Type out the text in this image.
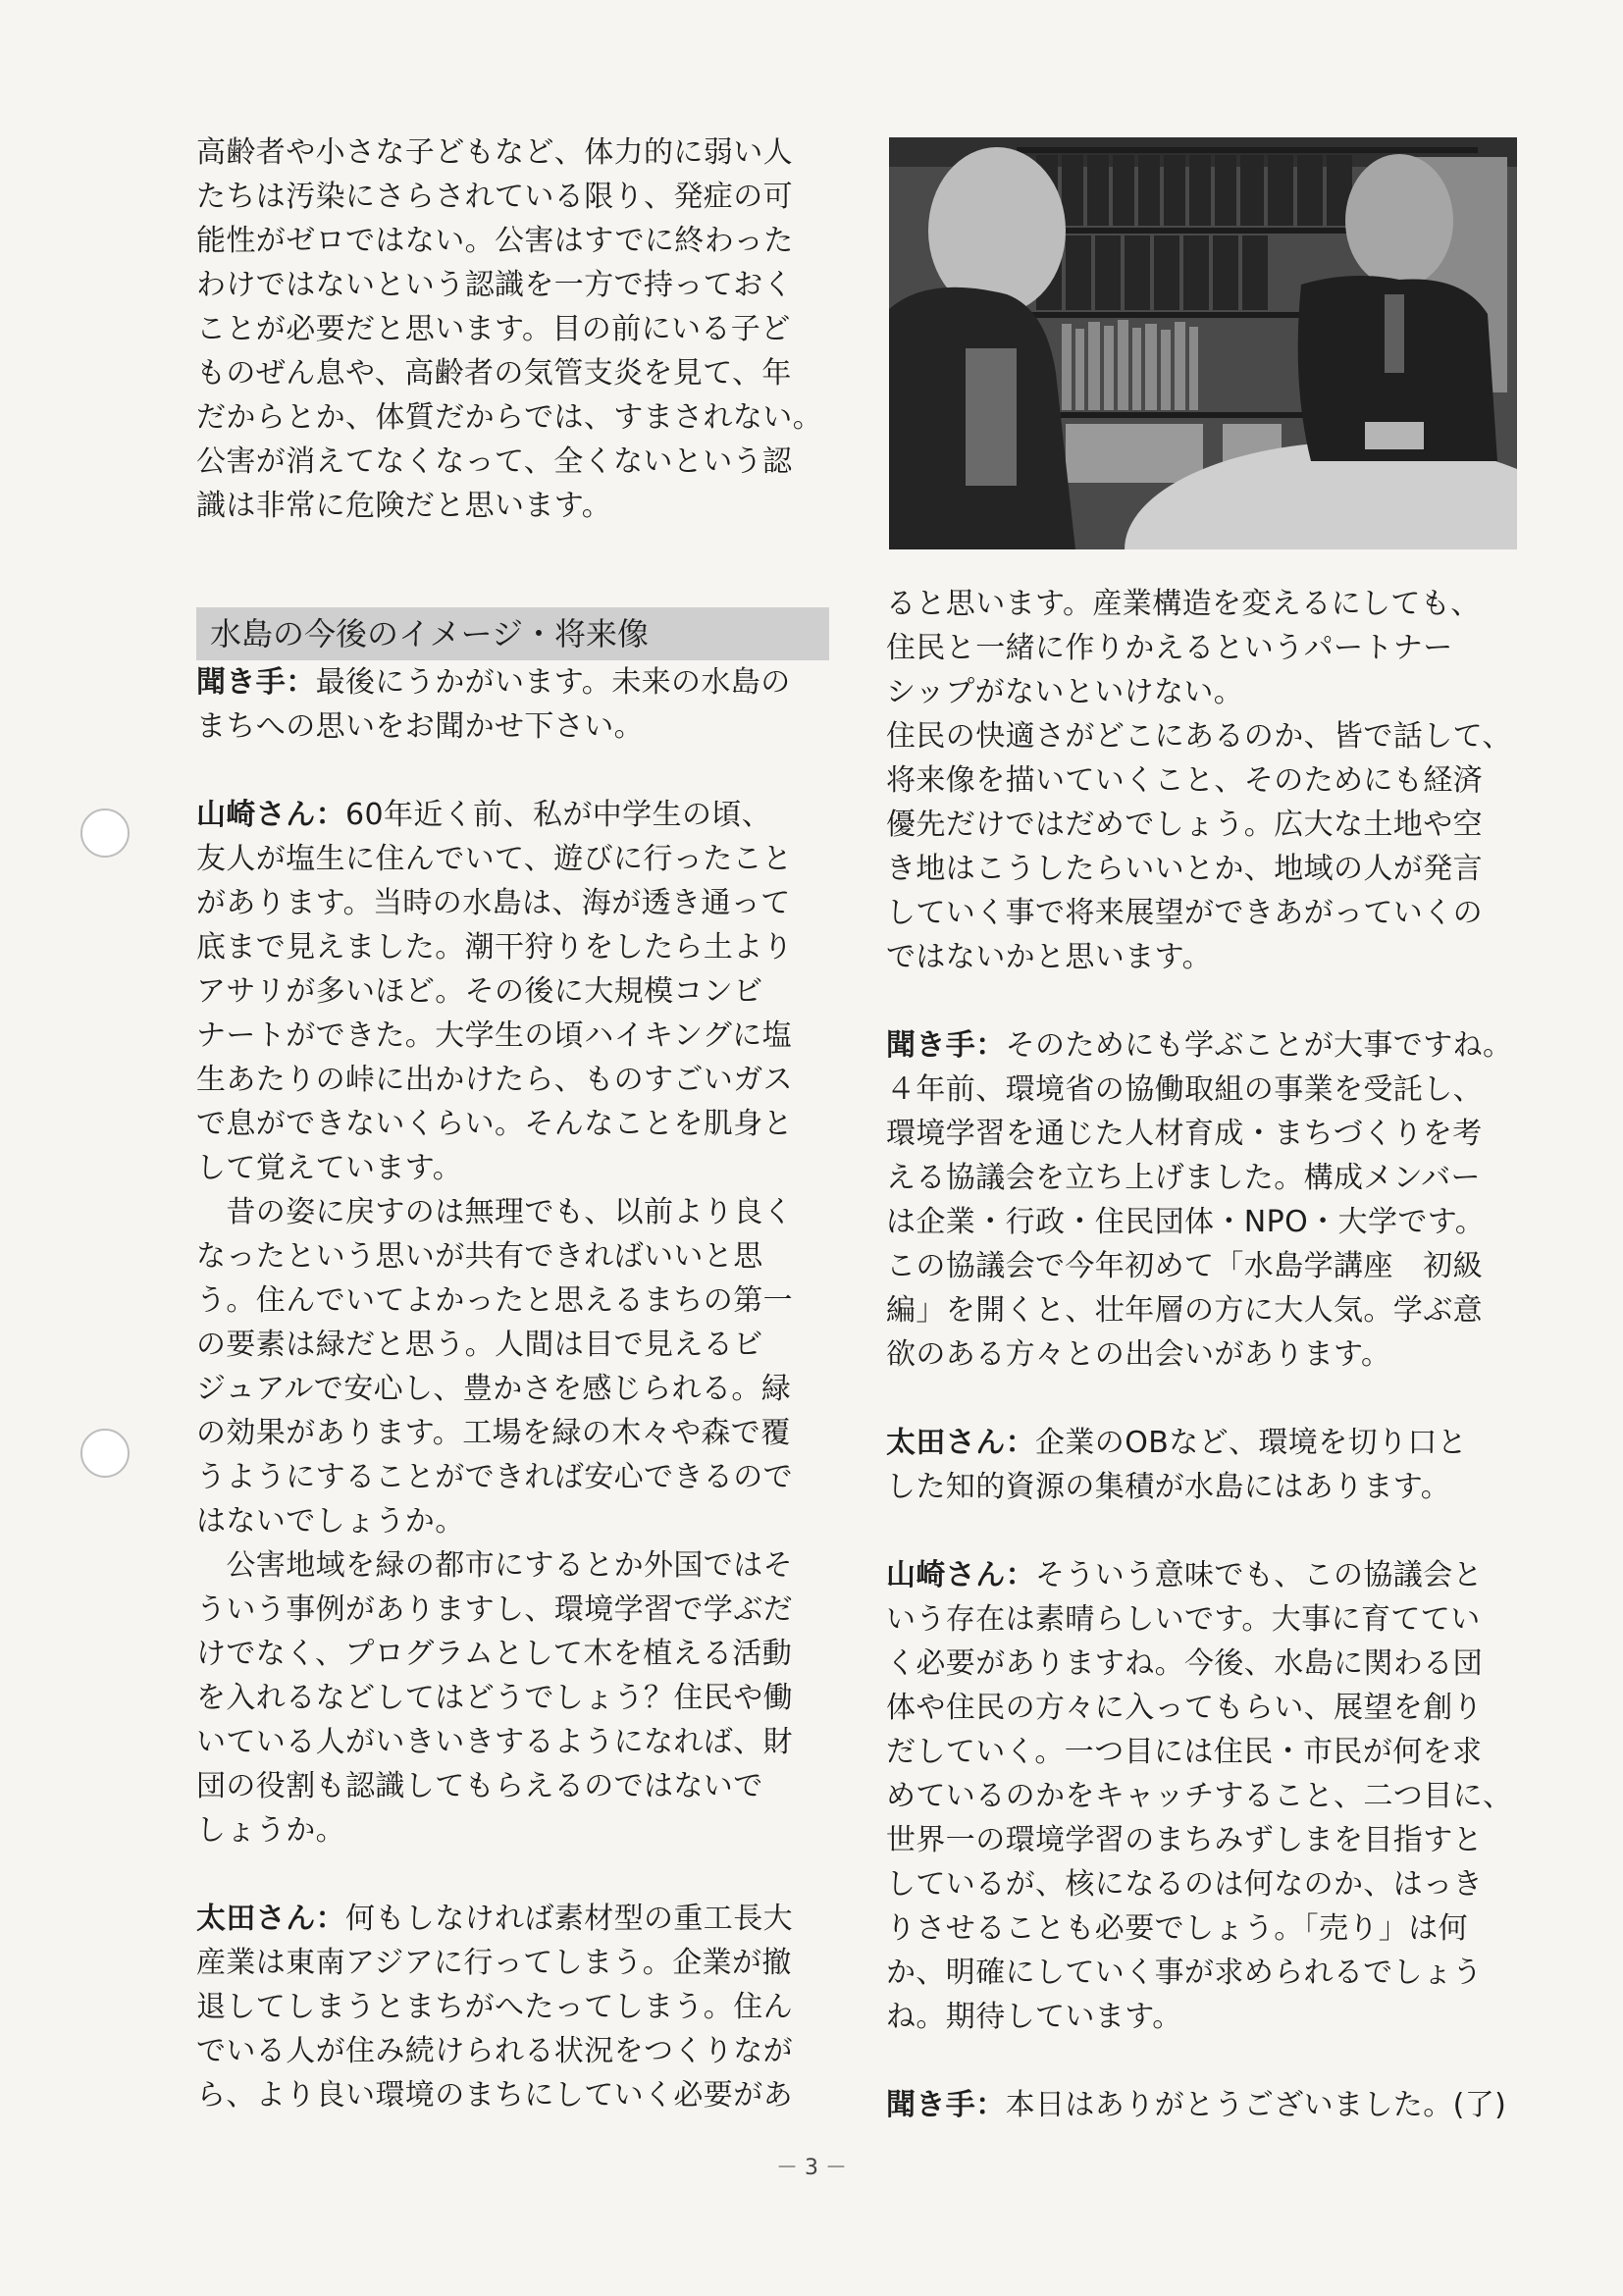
水島の今後のイメージ・将来像
高齢者や小さな子どもなど、体力的に弱い人
たちは汚染にさらされている限り、発症の可
能性がゼロではない。公害はすでに終わった
わけではないという認識を一方で持っておく
ことが必要だと思います。目の前にいる子ど
ものぜん息や、高齢者の気管支炎を見て、年
だからとか、体質だからでは、すまされない。
公害が消えてなくなって、全くないという認
識は非常に危険だと思います。
聞き手：最後にうかがいます。未来の水島の
まちへの思いをお聞かせ下さい。
山崎さん：60年近く前、私が中学生の頃、
友人が塩生に住んでいて、遊びに行ったこと
があります。当時の水島は、海が透き通って
底まで見えました。潮干狩りをしたら土より
アサリが多いほど。その後に大規模コンビ
ナートができた。大学生の頃ハイキングに塩
生あたりの峠に出かけたら、ものすごいガス
で息ができないくらい。そんなことを肌身と
して覚えています。
　昔の姿に戻すのは無理でも、以前より良く
なったという思いが共有できればいいと思
う。住んでいてよかったと思えるまちの第一
の要素は緑だと思う。人間は目で見えるビ
ジュアルで安心し、豊かさを感じられる。緑
の効果があります。工場を緑の木々や森で覆
うようにすることができれば安心できるので
はないでしょうか。
　公害地域を緑の都市にするとか外国ではそ
ういう事例がありますし、環境学習で学ぶだ
けでなく、プログラムとして木を植える活動
を入れるなどしてはどうでしょう？住民や働
いている人がいきいきするようになれば、財
団の役割も認識してもらえるのではないで
しょうか。
太田さん：何もしなければ素材型の重工長大
産業は東南アジアに行ってしまう。企業が撤
退してしまうとまちがへたってしまう。住ん
でいる人が住み続けられる状況をつくりなが
ら、より良い環境のまちにしていく必要があ
ると思います。産業構造を変えるにしても、
住民と一緒に作りかえるというパートナー
シップがないといけない。
住民の快適さがどこにあるのか、皆で話して、
将来像を描いていくこと、そのためにも経済
優先だけではだめでしょう。広大な土地や空
き地はこうしたらいいとか、地域の人が発言
していく事で将来展望ができあがっていくの
ではないかと思います。
聞き手：そのためにも学ぶことが大事ですね。
４年前、環境省の協働取組の事業を受託し、
環境学習を通じた人材育成・まちづくりを考
える協議会を立ち上げました。構成メンバー
は企業・行政・住民団体・NPO・大学です。
この協議会で今年初めて「水島学講座　初級
編」を開くと、壮年層の方に大人気。学ぶ意
欲のある方々との出会いがあります。
太田さん：企業のOBなど、環境を切り口と
した知的資源の集積が水島にはあります。
山崎さん：そういう意味でも、この協議会と
いう存在は素晴らしいです。大事に育ててい
く必要がありますね。今後、水島に関わる団
体や住民の方々に入ってもらい、展望を創り
だしていく。一つ目には住民・市民が何を求
めているのかをキャッチすること、二つ目に、
世界一の環境学習のまちみずしまを目指すと
しているが、核になるのは何なのか、はっき
りさせることも必要でしょう。「売り」は何
か、明確にしていく事が求められるでしょう
ね。期待しています。
聞き手：本日はありがとうございました。(了)
－ 3 －
